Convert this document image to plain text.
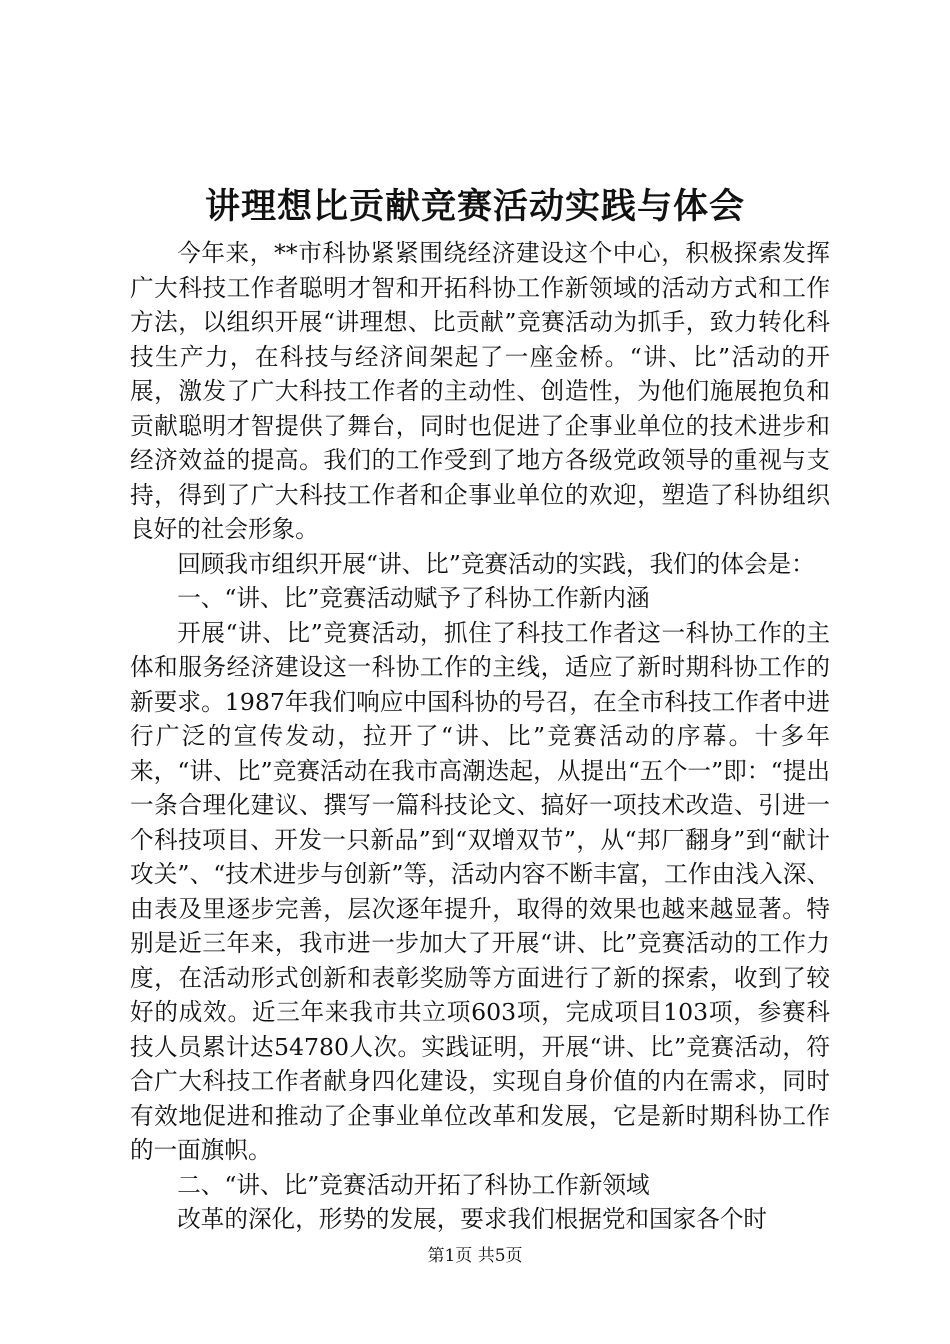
讲理想比贡献竞赛活动实践与体会

今年来，**市科协紧紧围绕经济建设这个中心，积极探索发挥广大科技工作者聪明才智和开拓科协工作新领域的活动方式和工作方法，以组织开展“讲理想、比贡献”竞赛活动为抓手，致力转化科技生产力，在科技与经济间架起了一座金桥。“讲、比”活动的开展，激发了广大科技工作者的主动性、创造性，为他们施展抱负和贡献聪明才智提供了舞台，同时也促进了企事业单位的技术进步和经济效益的提高。我们的工作受到了地方各级党政领导的重视与支持，得到了广大科技工作者和企事业单位的欢迎，塑造了科协组织良好的社会形象。

回顾我市组织开展“讲、比”竞赛活动的实践，我们的体会是：

一、“讲、比”竞赛活动赋予了科协工作新内涵

开展“讲、比”竞赛活动，抓住了科技工作者这一科协工作的主体和服务经济建设这一科协工作的主线，适应了新时期科协工作的新要求。1987年我们响应中国科协的号召，在全市科技工作者中进行广泛的宣传发动，拉开了“讲、比”竞赛活动的序幕。十多年来，“讲、比”竞赛活动在我市高潮迭起，从提出“五个一”即：“提出一条合理化建议、撰写一篇科技论文、搞好一项技术改造、引进一个科技项目、开发一只新品”到“双增双节”，从“邦厂翻身”到“献计攻关”、“技术进步与创新”等，活动内容不断丰富，工作由浅入深、由表及里逐步完善，层次逐年提升，取得的效果也越来越显著。特别是近三年来，我市进一步加大了开展“讲、比”竞赛活动的工作力度，在活动形式创新和表彰奖励等方面进行了新的探索，收到了较好的成效。近三年来我市共立项603项，完成项目103项，参赛科技人员累计达54780人次。实践证明，开展“讲、比”竞赛活动，符合广大科技工作者献身四化建设，实现自身价值的内在需求，同时有效地促进和推动了企事业单位改革和发展，它是新时期科协工作的一面旗帜。

二、“讲、比”竞赛活动开拓了科协工作新领域

改革的深化，形势的发展，要求我们根据党和国家各个时

第1页 共5页
